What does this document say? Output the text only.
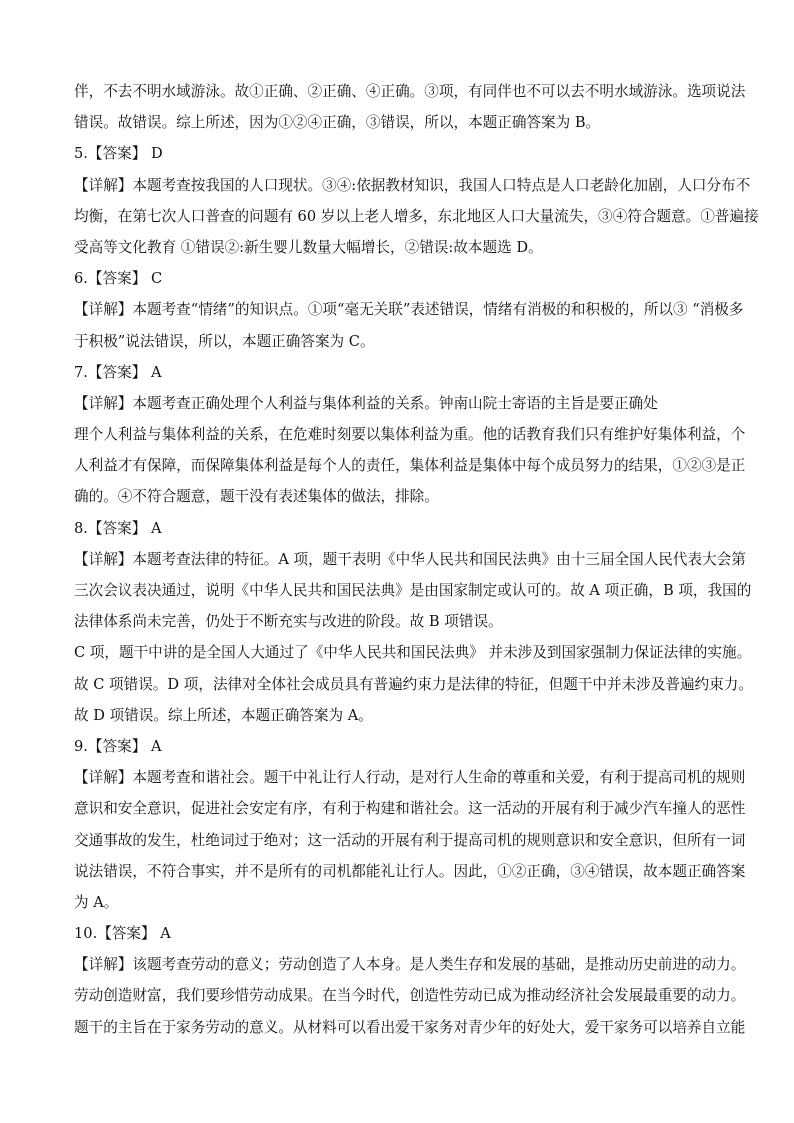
伴，不去不明水域游泳。故①正确、②正确、④正确。③项，有同伴也不可以去不明水域游泳。选项说法
错误。故错误。综上所述，因为①②④正确，③错误，所以，本题正确答案为 B。
5.【答案】 D
【详解】本题考查按我国的人口现状。③④:依据教材知识，我国人口特点是人口老龄化加剧，人口分布不
均衡，在第七次人口普查的问题有 60 岁以上老人增多，东北地区人口大量流失，③④符合题意。①普遍接
受高等文化教育 ①错误②:新生婴儿数量大幅增长，②错误:故本题选 D。
6.【答案】 C
【详解】本题考查“情绪”的知识点。①项“毫无关联”表述错误，情绪有消极的和积极的，所以③ “消极多
于积极”说法错误，所以，本题正确答案为 C。
7.【答案】 A
【详解】本题考查正确处理个人利益与集体利益的关系。钟南山院士寄语的主旨是要正确处
理个人利益与集体利益的关系，在危难时刻要以集体利益为重。他的话教育我们只有维护好集体利益，个
人利益才有保障，而保障集体利益是每个人的责任，集体利益是集体中每个成员努力的结果，①②③是正
确的。④不符合题意，题干没有表述集体的做法，排除。
8.【答案】 A
【详解】本题考查法律的特征。A 项，题干表明《中华人民共和国民法典》由十三届全国人民代表大会第
三次会议表决通过，说明《中华人民共和国民法典》是由国家制定或认可的。故 A 项正确，B 项，我国的
法律体系尚未完善，仍处于不断充实与改进的阶段。故 B 项错误。
C 项，题干中讲的是全国人大通过了《中华人民共和国民法典》 并未涉及到国家强制力保证法律的实施。
故 C 项错误。D 项，法律对全体社会成员具有普遍约束力是法律的特征，但题干中并未涉及普遍约束力。
故 D 项错误。综上所述，本题正确答案为 A。
9.【答案】 A
【详解】本题考查和谐社会。题干中礼让行人行动，是对行人生命的尊重和关爱，有利于提高司机的规则
意识和安全意识，促进社会安定有序，有利于构建和谐社会。这一活动的开展有利于减少汽车撞人的恶性
交通事故的发生，杜绝词过于绝对；这一活动的开展有利于提高司机的规则意识和安全意识，但所有一词
说法错误，不符合事实，并不是所有的司机都能礼让行人。因此，①②正确，③④错误，故本题正确答案
为 A。
10.【答案】 A
【详解】该题考查劳动的意义；劳动创造了人本身。是人类生存和发展的基础，是推动历史前进的动力。
劳动创造财富，我们要珍惜劳动成果。在当今时代，创造性劳动已成为推动经济社会发展最重要的动力。
题干的主旨在于家务劳动的意义。从材料可以看出爱干家务对青少年的好处大，爱干家务可以培养自立能
